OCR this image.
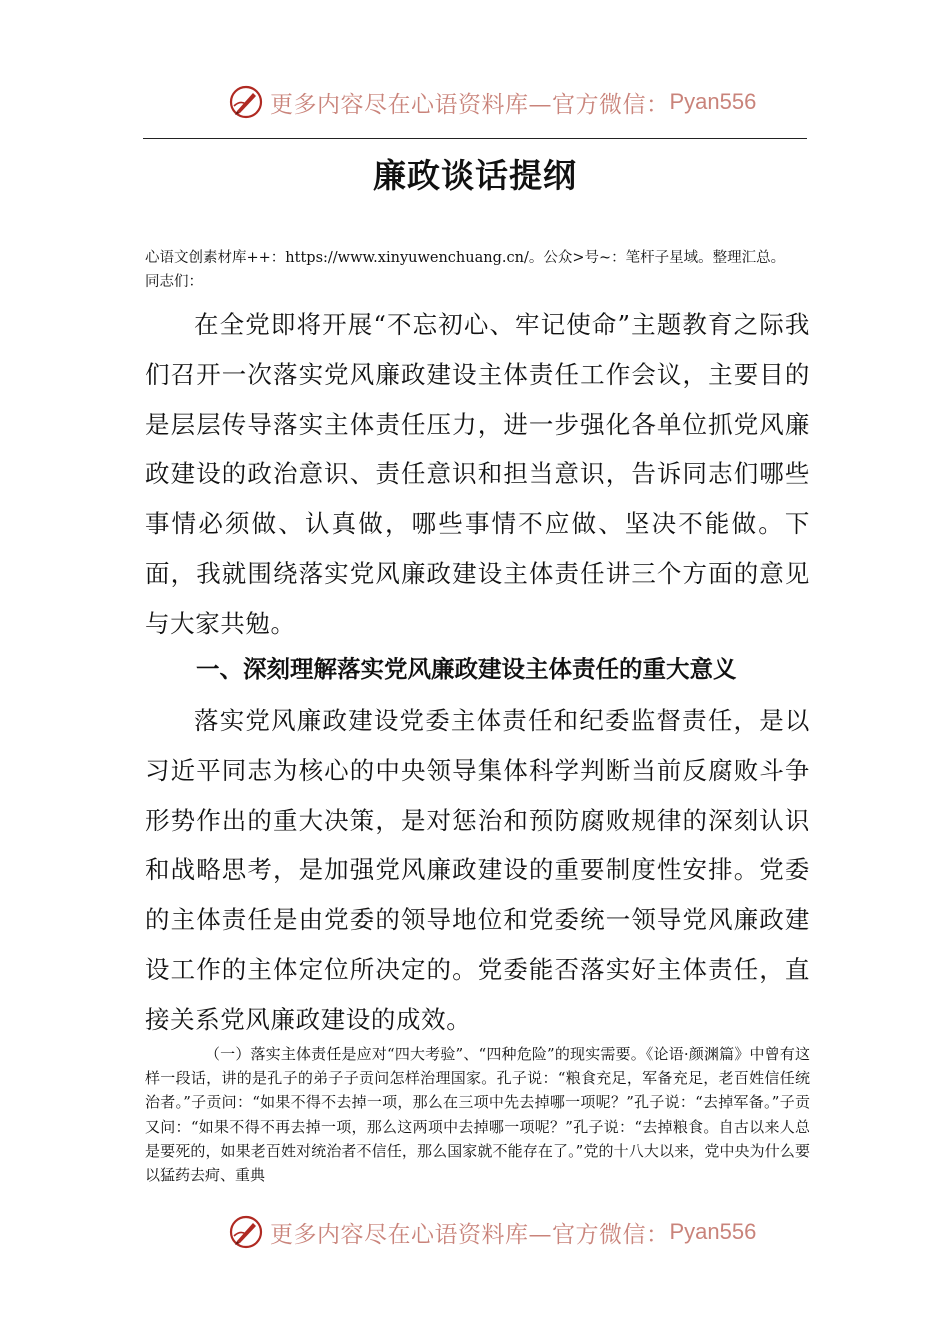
更多内容尽在心语资料库—官方微信： Pyan556
廉政谈话提纲
心语文创素材库++：https://www.xinyuwenchuang.cn/。公众>号~：笔杆子星域。整理汇总。
同志们：
在全党即将开展“不忘初心、牢记使命”主题教育之际我们召开一次落实党风廉政建设主体责任工作会议，主要目的是层层传导落实主体责任压力，进一步强化各单位抓党风廉政建设的政治意识、责任意识和担当意识，告诉同志们哪些事情必须做、认真做，哪些事情不应做、坚决不能做。下面，我就围绕落实党风廉政建设主体责任讲三个方面的意见与大家共勉。
一、深刻理解落实党风廉政建设主体责任的重大意义
落实党风廉政建设党委主体责任和纪委监督责任，是以习近平同志为核心的中央领导集体科学判断当前反腐败斗争形势作出的重大决策，是对惩治和预防腐败规律的深刻认识和战略思考，是加强党风廉政建设的重要制度性安排。党委的主体责任是由党委的领导地位和党委统一领导党风廉政建设工作的主体定位所决定的。党委能否落实好主体责任，直接关系党风廉政建设的成效。
（一）落实主体责任是应对“四大考验”、“四种危险”的现实需要。《论语·颜渊篇》中曾有这样一段话，讲的是孔子的弟子子贡问怎样治理国家。孔子说：“粮食充足，军备充足，老百姓信任统治者。”子贡问：“如果不得不去掉一项，那么在三项中先去掉哪一项呢？”孔子说：“去掉军备。”子贡又问：“如果不得不再去掉一项，那么这两项中去掉哪一项呢？”孔子说：“去掉粮食。自古以来人总是要死的，如果老百姓对统治者不信任，那么国家就不能存在了。”党的十八大以来，党中央为什么要以猛药去疴、重典
更多内容尽在心语资料库—官方微信： Pyan556
